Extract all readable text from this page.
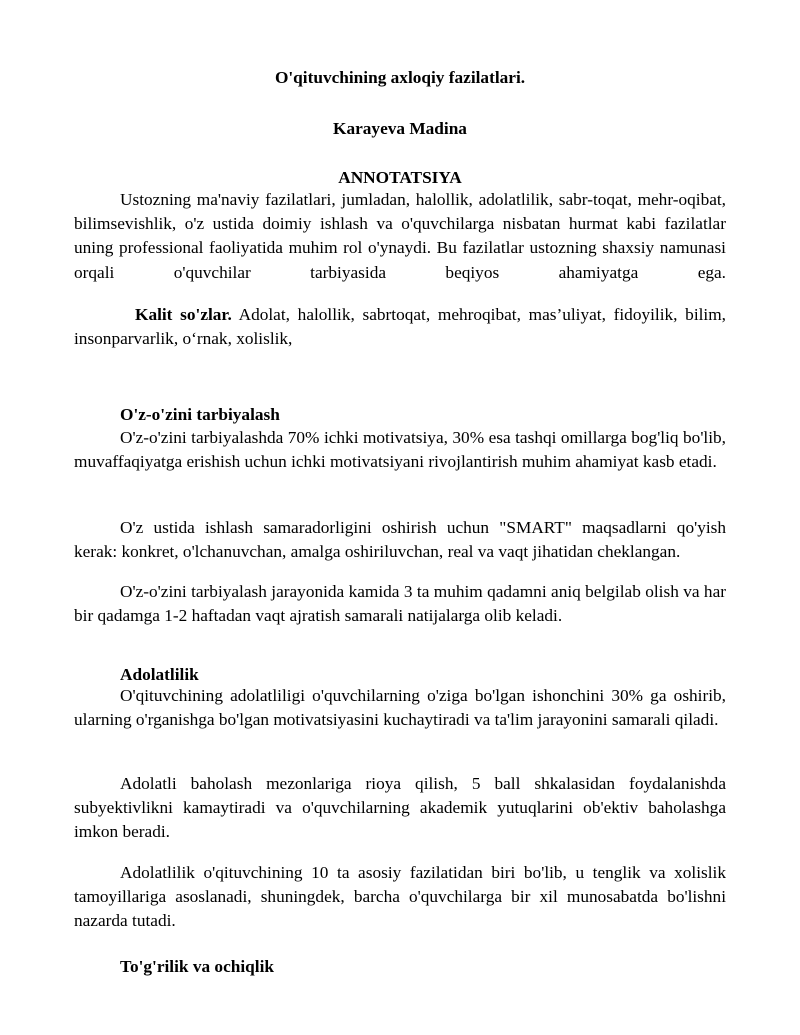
O'qituvchining axloqiy fazilatlari.
Karayeva Madina
ANNOTATSIYA
Ustozning ma'naviy fazilatlari, jumladan, halollik, adolatlilik, sabr-toqat, mehr-oqibat, bilimsevishlik, o'z ustida doimiy ishlash va o'quvchilarga nisbatan hurmat kabi fazilatlar uning professional faoliyatida muhim rol o'ynaydi. Bu fazilatlar ustozning shaxsiy namunasi orqali o'quvchilar tarbiyasida beqiyos ahamiyatga ega.
Kalit so'zlar. Adolat, halollik, sabrtoqat, mehroqibat, mas’uliyat, fidoyilik, bilim, insonparvarlik, o‘rnak, xolislik,
O'z-o'zini tarbiyalash
O'z-o'zini tarbiyalashda 70% ichki motivatsiya, 30% esa tashqi omillarga bog'liq bo'lib, muvaffaqiyatga erishish uchun ichki motivatsiyani rivojlantirish muhim ahamiyat kasb etadi.
O'z ustida ishlash samaradorligini oshirish uchun "SMART" maqsadlarni qo'yish kerak: konkret, o'lchanuvchan, amalga oshiriluvchan, real va vaqt jihatidan cheklangan.
O'z-o'zini tarbiyalash jarayonida kamida 3 ta muhim qadamni aniq belgilab olish va har bir qadamga 1-2 haftadan vaqt ajratish samarali natijalarga olib keladi.
Adolatlilik
O'qituvchining adolatliligi o'quvchilarning o'ziga bo'lgan ishonchini 30% ga oshirib, ularning o'rganishga bo'lgan motivatsiyasini kuchaytiradi va ta'lim jarayonini samarali qiladi.
Adolatli baholash mezonlariga rioya qilish, 5 ball shkalasidan foydalanishda subyektivlikni kamaytiradi va o'quvchilarning akademik yutuqlarini ob'ektiv baholashga imkon beradi.
Adolatlilik o'qituvchining 10 ta asosiy fazilatidan biri bo'lib, u tenglik va xolislik tamoyillariga asoslanadi, shuningdek, barcha o'quvchilarga bir xil munosabatda bo'lishni nazarda tutadi.
To'g'rilik va ochiqlik
